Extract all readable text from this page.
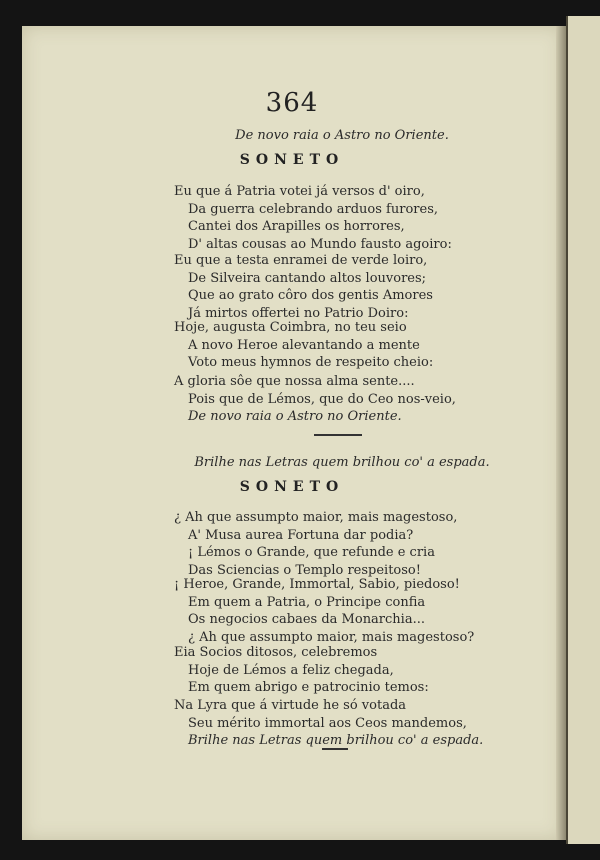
364
De novo raia o Astro no Oriente.
SONETO
Eu que á Patria votei já versos d' oiro,
Da guerra celebrando arduos furores,
Cantei dos Arapilles os horrores,
D' altas cousas ao Mundo fausto agoiro:
Eu que a testa enramei de verde loiro,
De Silveira cantando altos louvores;
Que ao grato côro dos gentis Amores
Já mirtos offertei no Patrio Doiro:
Hoje, augusta Coimbra, no teu seio
A novo Heroe alevantando a mente
Voto meus hymnos de respeito cheio:
A gloria sôe que nossa alma sente....
Pois que de Lémos, que do Ceo nos-veio,
De novo raia o Astro no Oriente.
Brilhe nas Letras quem brilhou co' a espada.
SONETO
¿ Ah que assumpto maior, mais magestoso,
A' Musa aurea Fortuna dar podia?
¡ Lémos o Grande, que refunde e cria
Das Sciencias o Templo respeitoso!
¡ Heroe, Grande, Immortal, Sabio, piedoso!
Em quem a Patria, o Principe confia
Os negocios cabaes da Monarchia...
¿ Ah que assumpto maior, mais magestoso?
Eia Socios ditosos, celebremos
Hoje de Lémos a feliz chegada,
Em quem abrigo e patrocinio temos:
Na Lyra que á virtude he só votada
Seu mérito immortal aos Ceos mandemos,
Brilhe nas Letras quem brilhou co' a espada.
